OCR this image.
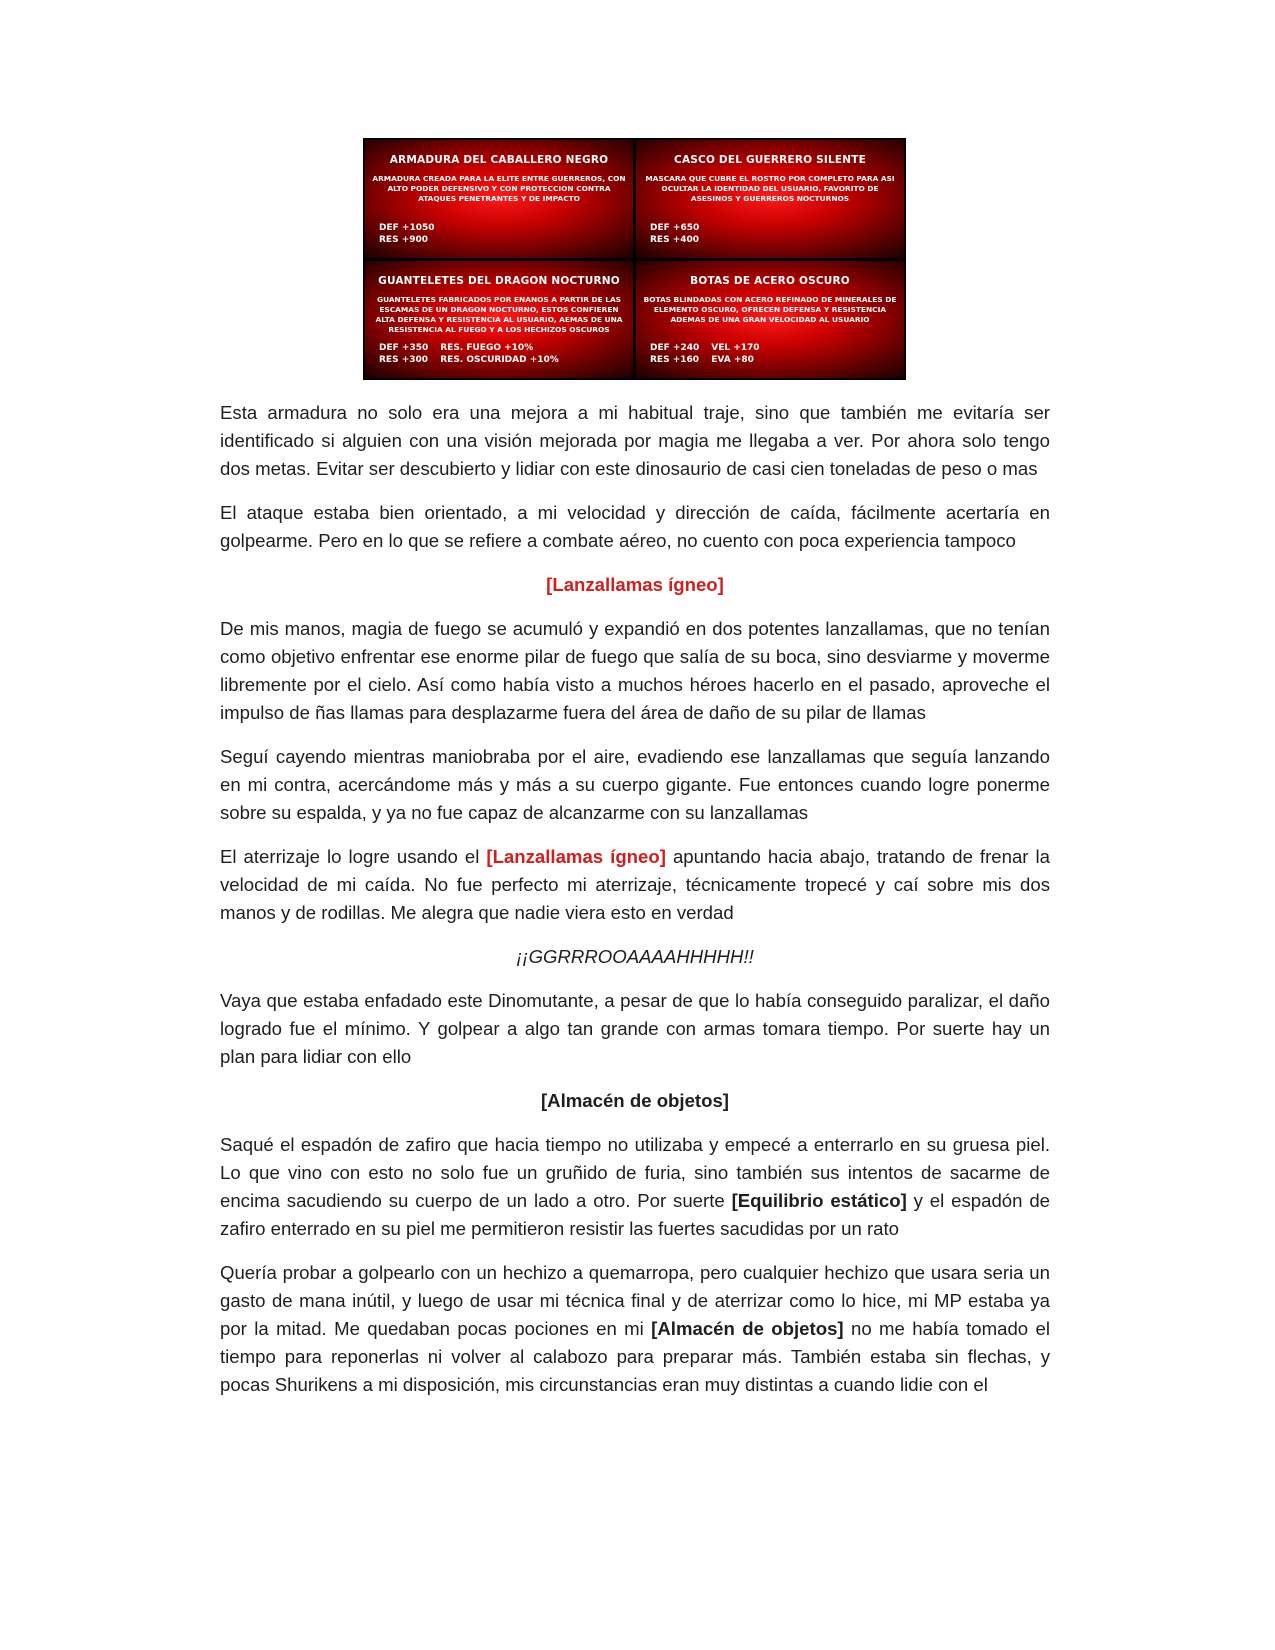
ARMADURA DEL CABALLERO NEGRO
ARMADURA CREADA PARA LA ELITE ENTRE GUERREROS, CON ALTO PODER DEFENSIVO Y CON PROTECCION CONTRA ATAQUES PENETRANTES Y DE IMPACTO
DEF +1050
RES +900
CASCO DEL GUERRERO SILENTE
MASCARA QUE CUBRE EL ROSTRO POR COMPLETO PARA ASI OCULTAR LA IDENTIDAD DEL USUARIO, FAVORITO DE ASESINOS Y GUERREROS NOCTURNOS
DEF +650
RES +400
GUANTELETES DEL DRAGON NOCTURNO
GUANTELETES FABRICADOS POR ENANOS A PARTIR DE LAS ESCAMAS DE UN DRAGON NOCTURNO, ESTOS CONFIEREN ALTA DEFENSA Y RESISTENCIA AL USUARIO, AEMAS DE UNA RESISTENCIA AL FUEGO Y A LOS HECHIZOS OSCUROS
DEF +350 RES. FUEGO +10%
RES +300 RES. OSCURIDAD +10%
BOTAS DE ACERO OSCURO
BOTAS BLINDADAS CON ACERO REFINADO DE MINERALES DE ELEMENTO OSCURO, OFRECEN DEFENSA Y RESISTENCIA ADEMAS DE UNA GRAN VELOCIDAD AL USUARIO
DEF +240 VEL +170
RES +160 EVA +80

Esta armadura no solo era una mejora a mi habitual traje, sino que también me evitaría ser identificado si alguien con una visión mejorada por magia me llegaba a ver. Por ahora solo tengo dos metas. Evitar ser descubierto y lidiar con este dinosaurio de casi cien toneladas de peso o mas

El ataque estaba bien orientado, a mi velocidad y dirección de caída, fácilmente acertaría en golpearme. Pero en lo que se refiere a combate aéreo, no cuento con poca experiencia tampoco

[Lanzallamas ígneo]

De mis manos, magia de fuego se acumuló y expandió en dos potentes lanzallamas, que no tenían como objetivo enfrentar ese enorme pilar de fuego que salía de su boca, sino desviarme y moverme libremente por el cielo. Así como había visto a muchos héroes hacerlo en el pasado, aproveche el impulso de ñas llamas para desplazarme fuera del área de daño de su pilar de llamas

Seguí cayendo mientras maniobraba por el aire, evadiendo ese lanzallamas que seguía lanzando en mi contra, acercándome más y más a su cuerpo gigante. Fue entonces cuando logre ponerme sobre su espalda, y ya no fue capaz de alcanzarme con su lanzallamas

El aterrizaje lo logre usando el [Lanzallamas ígneo] apuntando hacia abajo, tratando de frenar la velocidad de mi caída. No fue perfecto mi aterrizaje, técnicamente tropecé y caí sobre mis dos manos y de rodillas. Me alegra que nadie viera esto en verdad

¡¡GGRRROOAAAAHHHHH!!

Vaya que estaba enfadado este Dinomutante, a pesar de que lo había conseguido paralizar, el daño logrado fue el mínimo. Y golpear a algo tan grande con armas tomara tiempo. Por suerte hay un plan para lidiar con ello

[Almacén de objetos]

Saqué el espadón de zafiro que hacia tiempo no utilizaba y empecé a enterrarlo en su gruesa piel. Lo que vino con esto no solo fue un gruñido de furia, sino también sus intentos de sacarme de encima sacudiendo su cuerpo de un lado a otro. Por suerte [Equilibrio estático] y el espadón de zafiro enterrado en su piel me permitieron resistir las fuertes sacudidas por un rato

Quería probar a golpearlo con un hechizo a quemarropa, pero cualquier hechizo que usara seria un gasto de mana inútil, y luego de usar mi técnica final y de aterrizar como lo hice, mi MP estaba ya por la mitad. Me quedaban pocas pociones en mi [Almacén de objetos] no me había tomado el tiempo para reponerlas ni volver al calabozo para preparar más. También estaba sin flechas, y pocas Shurikens a mi disposición, mis circunstancias eran muy distintas a cuando lidie con el
